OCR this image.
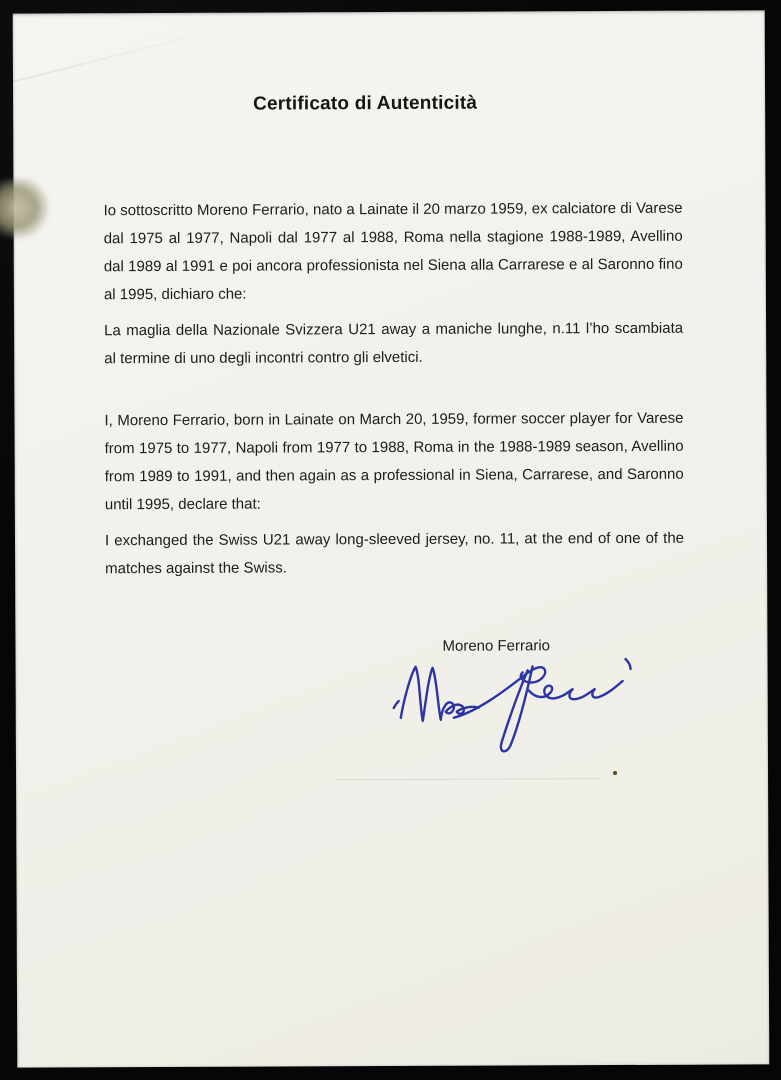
Certificato di Autenticità

Io sottoscritto Moreno Ferrario, nato a Lainate il 20 marzo 1959, ex calciatore di Varese dal 1975 al 1977, Napoli dal 1977 al 1988, Roma nella stagione 1988-1989, Avellino dal 1989 al 1991 e poi ancora professionista nel Siena alla Carrarese e al Saronno fino al 1995, dichiaro che:

La maglia della Nazionale Svizzera U21 away a maniche lunghe, n.11 l’ho scambiata al termine di uno degli incontri contro gli elvetici.

I, Moreno Ferrario, born in Lainate on March 20, 1959, former soccer player for Varese from 1975 to 1977, Napoli from 1977 to 1988, Roma in the 1988-1989 season, Avellino from 1989 to 1991, and then again as a professional in Siena, Carrarese, and Saronno until 1995, declare that:

I exchanged the Swiss U21 away long-sleeved jersey, no. 11, at the end of one of the matches against the Swiss.

Moreno Ferrario
